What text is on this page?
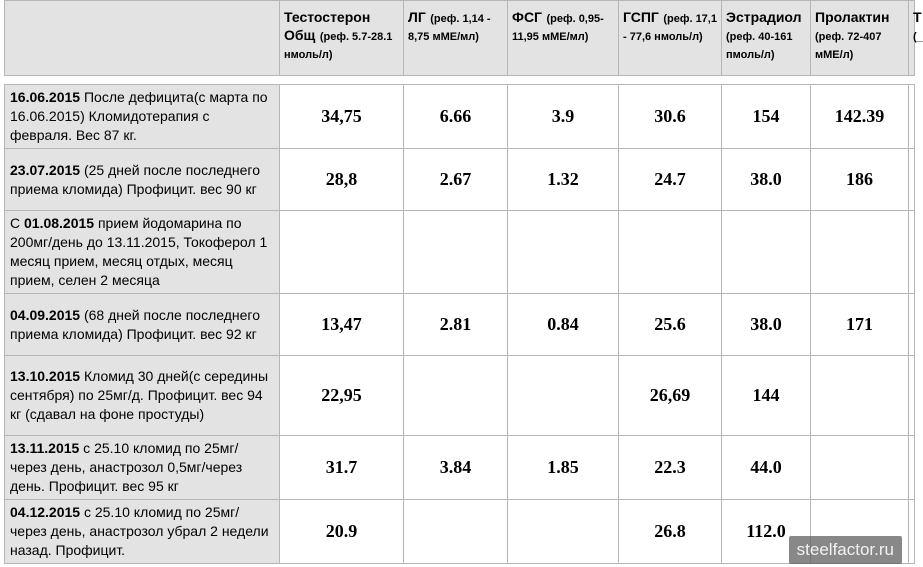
	Тестостерон Общ (реф. 5.7-28.1 нмоль/л)	ЛГ (реф. 1,14 - 8,75 мМЕ/мл)	ФСГ (реф. 0,95-11,95 мМЕ/мл)	ГСПГ (реф. 17,1 - 77,6 нмоль/л)	Эстрадиол (реф. 40-161 пмоль/л)	Пролактин (реф. 72-407 мМЕ/л)	Т (_

16.06.2015 После дефицита(с марта по 16.06.2015) Кломидотерапия с февраля. Вес 87 кг.	34,75	6.66	3.9	30.6	154	142.39	
23.07.2015 (25 дней после последнего приема кломида) Профицит. вес 90 кг	28,8	2.67	1.32	24.7	38.0	186	
С 01.08.2015 прием йодомарина по 200мг/день до 13.11.2015, Токоферол 1 месяц прием, месяц отдых, месяц прием, селен 2 месяца							
04.09.2015 (68 дней после последнего приема кломида) Профицит. вес 92 кг	13,47	2.81	0.84	25.6	38.0	171	
13.10.2015 Кломид 30 дней(с середины сентября) по 25мг/д. Профицит. вес 94 кг (сдавал на фоне простуды)	22,95			26,69	144		
13.11.2015 с 25.10 кломид по 25мг/через день, анастрозол 0,5мг/через день. Профицит. вес 95 кг	31.7	3.84	1.85	22.3	44.0		
04.12.2015 с 25.10 кломид по 25мг/через день, анастрозол убрал 2 недели назад. Профицит.	20.9			26.8	112.0		
steelfactor.ru
